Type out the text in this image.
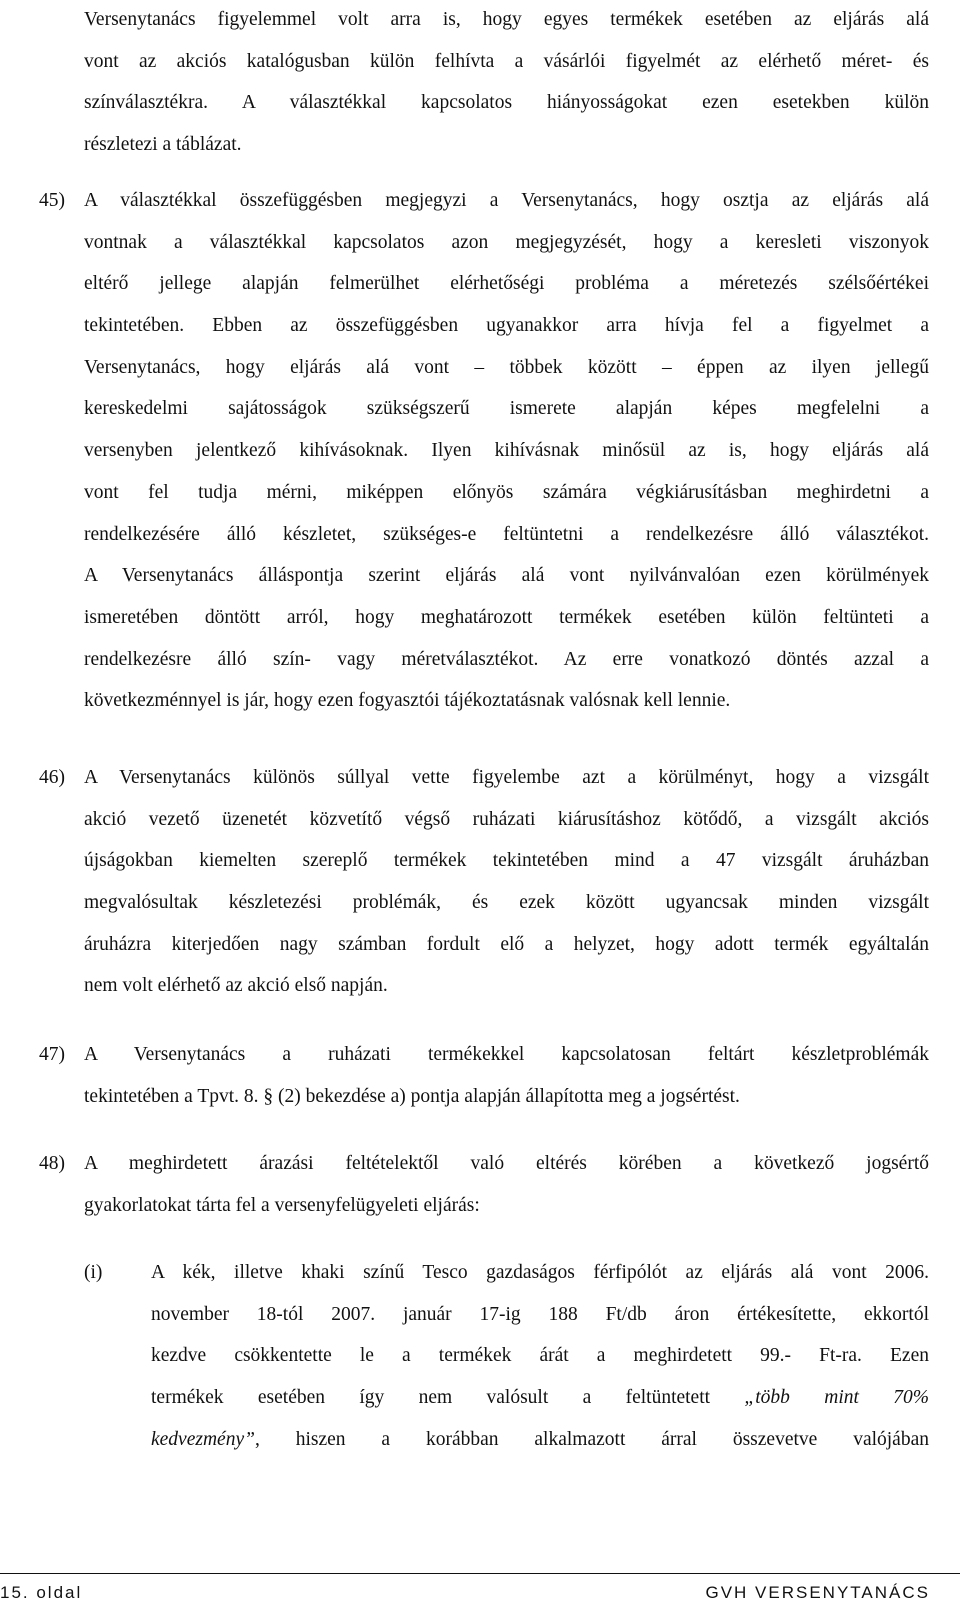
Versenytanács figyelemmel volt arra is, hogy egyes termékek esetében az eljárás alá
vont az akciós katalógusban külön felhívta a vásárlói figyelmét az elérhető méret- és
színválasztékra. A választékkal kapcsolatos hiányosságokat ezen esetekben külön
részletezi a táblázat.
45) A választékkal összefüggésben megjegyzi a Versenytanács, hogy osztja az eljárás alá
vontnak a választékkal kapcsolatos azon megjegyzését, hogy a keresleti viszonyok
eltérő jellege alapján felmerülhet elérhetőségi probléma a méretezés szélsőértékei
tekintetében. Ebben az összefüggésben ugyanakkor arra hívja fel a figyelmet a
Versenytanács, hogy eljárás alá vont – többek között – éppen az ilyen jellegű
kereskedelmi sajátosságok szükségszerű ismerete alapján képes megfelelni a
versenyben jelentkező kihívásoknak. Ilyen kihívásnak minősül az is, hogy eljárás alá
vont fel tudja mérni, miképpen előnyös számára végkiárusításban meghirdetni a
rendelkezésére álló készletet, szükséges-e feltüntetni a rendelkezésre álló választékot.
A Versenytanács álláspontja szerint eljárás alá vont nyilvánvalóan ezen körülmények
ismeretében döntött arról, hogy meghatározott termékek esetében külön feltünteti a
rendelkezésre álló szín- vagy méretválasztékot. Az erre vonatkozó döntés azzal a
következménnyel is jár, hogy ezen fogyasztói tájékoztatásnak valósnak kell lennie.
46) A Versenytanács különös súllyal vette figyelembe azt a körülményt, hogy a vizsgált
akció vezető üzenetét közvetítő végső ruházati kiárusításhoz kötődő, a vizsgált akciós
újságokban kiemelten szereplő termékek tekintetében mind a 47 vizsgált áruházban
megvalósultak készletezési problémák, és ezek között ugyancsak minden vizsgált
áruházra kiterjedően nagy számban fordult elő a helyzet, hogy adott termék egyáltalán
nem volt elérhető az akció első napján.
47) A Versenytanács a ruházati termékekkel kapcsolatosan feltárt készletproblémák
tekintetében a Tpvt. 8. § (2) bekezdése a) pontja alapján állapította meg a jogsértést.
48) A meghirdetett árazási feltételektől való eltérés körében a következő jogsértő
gyakorlatokat tárta fel a versenyfelügyeleti eljárás:
(i) A kék, illetve khaki színű Tesco gazdaságos férfipólót az eljárás alá vont 2006.
november 18-tól 2007. január 17-ig 188 Ft/db áron értékesítette, ekkortól
kezdve csökkentette le a termékek árát a meghirdetett 99.- Ft-ra. Ezen
termékek esetében így nem valósult a feltüntetett „több mint 70%
kedvezmény”, hiszen a korábban alkalmazott árral összevetve valójában
15. oldal	GVH VERSENYTANÁCS
